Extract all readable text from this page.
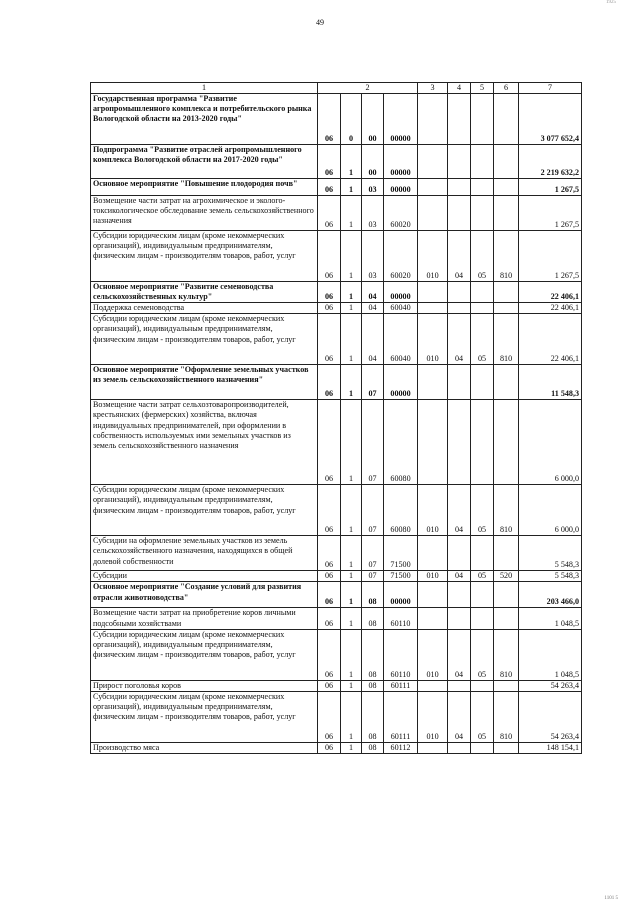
1925
49
1	2				3	4	5	6	7
Государственная программа "Развитие агропромышленного комплекса и потребительского рынка Вологодской области на 2013-2020 годы"	06	0	00	00000					3 077 652,4
Подпрограмма "Развитие отраслей агропромышленного комплекса Вологодской области на 2017-2020 годы"	06	1	00	00000					2 219 632,2
Основное мероприятие "Повышение плодородия почв"	06	1	03	00000					1 267,5
Возмещение части затрат на агрохимическое и эколого-токсикологическое обследование земель сельскохозяйственного назначения	06	1	03	60020					1 267,5
Субсидии юридическим лицам (кроме некоммерческих организаций), индивидуальным предпринимателям, физическим лицам - производителям товаров, работ, услуг	06	1	03	60020	010	04	05	810	1 267,5
Основное мероприятие "Развитие семеноводства сельскохозяйственных культур"	06	1	04	00000					22 406,1
Поддержка семеноводства	06	1	04	60040					22 406,1
Субсидии юридическим лицам (кроме некоммерческих организаций), индивидуальным предпринимателям, физическим лицам - производителям товаров, работ, услуг	06	1	04	60040	010	04	05	810	22 406,1
Основное мероприятие "Оформление земельных участков из земель сельскохозяйственного назначения"	06	1	07	00000					11 548,3
Возмещение части затрат сельхозтоваропроизводителей, крестьянских (фермерских) хозяйства, включая индивидуальных предпринимателей, при оформлении в собственность используемых ими земельных участков из земель сельскохозяйственного назначения	06	1	07	60080					6 000,0
Субсидии юридическим лицам (кроме некоммерческих организаций), индивидуальным предпринимателям, физическим лицам - производителям товаров, работ, услуг	06	1	07	60080	010	04	05	810	6 000,0
Субсидии на оформление земельных участков из земель сельскохозяйственного назначения, находящихся в общей долевой собственности	06	1	07	71500					5 548,3
Субсидии	06	1	07	71500	010	04	05	520	5 548,3
Основное мероприятие "Создание условий для развития отрасли животноводства"	06	1	08	00000					203 466,0
Возмещение части затрат на приобретение коров личными подсобными хозяйствами	06	1	08	60110					1 048,5
Субсидии юридическим лицам (кроме некоммерческих организаций), индивидуальным предпринимателям, физическим лицам - производителям товаров, работ, услуг	06	1	08	60110	010	04	05	810	1 048,5
Прирост поголовья коров	06	1	08	60111					54 263,4
Субсидии юридическим лицам (кроме некоммерческих организаций), индивидуальным предпринимателям, физическим лицам - производителям товаров, работ, услуг	06	1	08	60111	010	04	05	810	54 263,4
Производство мяса	06	1	08	60112					148 154,1
1101 5
